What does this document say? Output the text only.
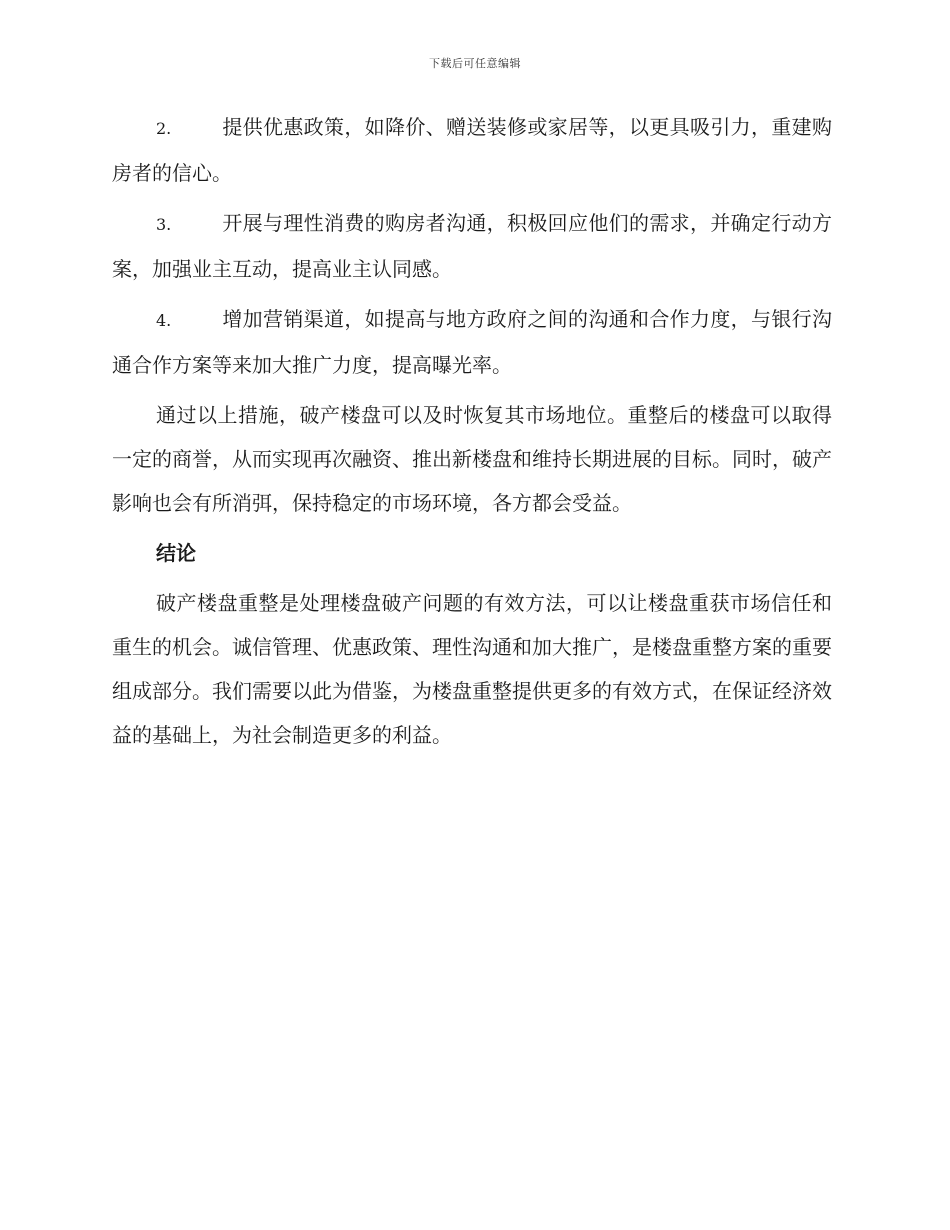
下载后可任意编辑

2.	提供优惠政策，如降价、赠送装修或家居等，以更具吸引力，重建购房者的信心。

3.	开展与理性消费的购房者沟通，积极回应他们的需求，并确定行动方案，加强业主互动，提高业主认同感。

4.	增加营销渠道，如提高与地方政府之间的沟通和合作力度，与银行沟通合作方案等来加大推广力度，提高曝光率。

通过以上措施，破产楼盘可以及时恢复其市场地位。重整后的楼盘可以取得一定的商誉，从而实现再次融资、推出新楼盘和维持长期进展的目标。同时，破产影响也会有所消弭，保持稳定的市场环境，各方都会受益。

结论

破产楼盘重整是处理楼盘破产问题的有效方法，可以让楼盘重获市场信任和重生的机会。诚信管理、优惠政策、理性沟通和加大推广，是楼盘重整方案的重要组成部分。我们需要以此为借鉴，为楼盘重整提供更多的有效方式，在保证经济效益的基础上，为社会制造更多的利益。
